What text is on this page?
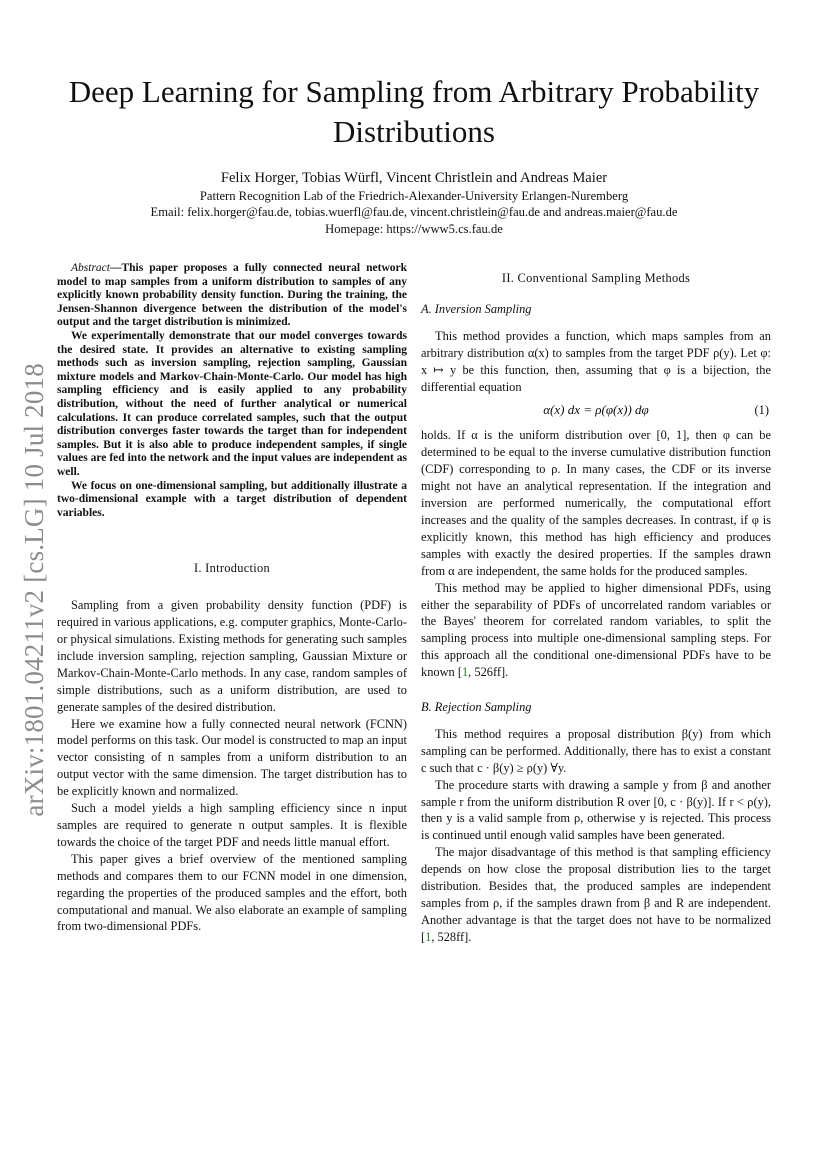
Deep Learning for Sampling from Arbitrary Probability Distributions
Felix Horger, Tobias Würfl, Vincent Christlein and Andreas Maier
Pattern Recognition Lab of the Friedrich-Alexander-University Erlangen-Nuremberg
Email: felix.horger@fau.de, tobias.wuerfl@fau.de, vincent.christlein@fau.de and andreas.maier@fau.de
Homepage: https://www5.cs.fau.de
arXiv:1801.04211v2 [cs.LG] 10 Jul 2018

Abstract—This paper proposes a fully connected neural network model to map samples from a uniform distribution to samples of any explicitly known probability density function. During the training, the Jensen-Shannon divergence between the distribution of the model's output and the target distribution is minimized.

We experimentally demonstrate that our model converges towards the desired state. It provides an alternative to existing sampling methods such as inversion sampling, rejection sampling, Gaussian mixture models and Markov-Chain-Monte-Carlo. Our model has high sampling efficiency and is easily applied to any probability distribution, without the need of further analytical or numerical calculations. It can produce correlated samples, such that the output distribution converges faster towards the target than for independent samples. But it is also able to produce independent samples, if single values are fed into the network and the input values are independent as well.

We focus on one-dimensional sampling, but additionally illustrate a two-dimensional example with a target distribution of dependent variables.

I. Introduction

Sampling from a given probability density function (PDF) is required in various applications, e.g. computer graphics, Monte-Carlo- or physical simulations. Existing methods for generating such samples include inversion sampling, rejection sampling, Gaussian Mixture or Markov-Chain-Monte-Carlo methods. In any case, random samples of simple distributions, such as a uniform distribution, are used to generate samples of the desired distribution.

Here we examine how a fully connected neural network (FCNN) model performs on this task. Our model is constructed to map an input vector consisting of n samples from a uniform distribution to an output vector with the same dimension. The target distribution has to be explicitly known and normalized.

Such a model yields a high sampling efficiency since n input samples are required to generate n output samples. It is flexible towards the choice of the target PDF and needs little manual effort.

This paper gives a brief overview of the mentioned sampling methods and compares them to our FCNN model in one dimension, regarding the properties of the produced samples and the effort, both computational and manual. We also elaborate an example of sampling from two-dimensional PDFs.

II. Conventional Sampling Methods
A. Inversion Sampling

This method provides a function, which maps samples from an arbitrary distribution α(x) to samples from the target PDF ρ(y). Let φ: x ↦ y be this function, then, assuming that φ is a bijection, the differential equation

α(x) dx = ρ(φ(x)) dφ	(1)

holds. If α is the uniform distribution over [0, 1], then φ can be determined to be equal to the inverse cumulative distribution function (CDF) corresponding to ρ. In many cases, the CDF or its inverse might not have an analytical representation. If the integration and inversion are performed numerically, the computational effort increases and the quality of the samples decreases. In contrast, if φ is explicitly known, this method has high efficiency and produces samples with exactly the desired properties. If the samples drawn from α are independent, the same holds for the produced samples.

This method may be applied to higher dimensional PDFs, using either the separability of PDFs of uncorrelated random variables or the Bayes' theorem for correlated random variables, to split the sampling process into multiple one-dimensional sampling steps. For this approach all the conditional one-dimensional PDFs have to be known [1, 526ff].

B. Rejection Sampling

This method requires a proposal distribution β(y) from which sampling can be performed. Additionally, there has to exist a constant c such that c · β(y) ≥ ρ(y) ∀y.

The procedure starts with drawing a sample y from β and another sample r from the uniform distribution R over [0, c · β(y)]. If r < ρ(y), then y is a valid sample from ρ, otherwise y is rejected. This process is continued until enough valid samples have been generated.

The major disadvantage of this method is that sampling efficiency depends on how close the proposal distribution lies to the target distribution. Besides that, the produced samples are independent samples from ρ, if the samples drawn from β and R are independent. Another advantage is that the target does not have to be normalized [1, 528ff].
